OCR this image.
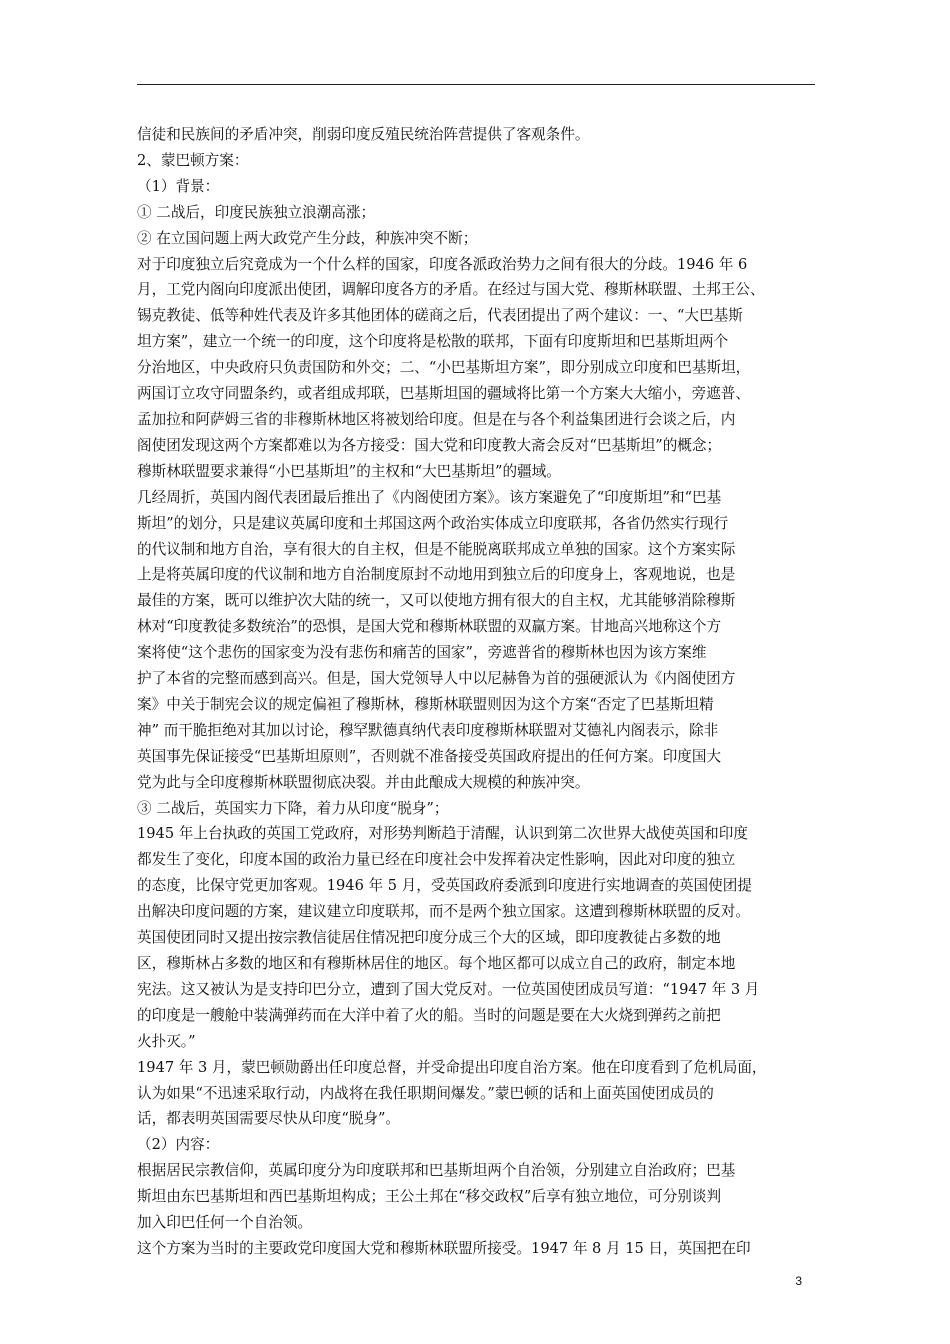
信徒和民族间的矛盾冲突，削弱印度反殖民统治阵营提供了客观条件。

2、蒙巴顿方案：

（1）背景：

① 二战后，印度民族独立浪潮高涨；

② 在立国问题上两大政党产生分歧，种族冲突不断；

对于印度独立后究竟成为一个什么样的国家，印度各派政治势力之间有很大的分歧。1946 年 6

月，工党内阁向印度派出使团，调解印度各方的矛盾。在经过与国大党、穆斯林联盟、土邦王公、

锡克教徒、低等种姓代表及许多其他团体的磋商之后，代表团提出了两个建议：一、“大巴基斯

坦方案”，建立一个统一的印度，这个印度将是松散的联邦，下面有印度斯坦和巴基斯坦两个

分治地区，中央政府只负责国防和外交；二、“小巴基斯坦方案”，即分别成立印度和巴基斯坦，

两国订立攻守同盟条约，或者组成邦联，巴基斯坦国的疆域将比第一个方案大大缩小，旁遮普、

孟加拉和阿萨姆三省的非穆斯林地区将被划给印度。但是在与各个利益集团进行会谈之后，内

阁使团发现这两个方案都难以为各方接受：国大党和印度教大斋会反对“巴基斯坦”的概念；

穆斯林联盟要求兼得“小巴基斯坦”的主权和“大巴基斯坦”的疆域。

几经周折，英国内阁代表团最后推出了《内阁使团方案》。该方案避免了“印度斯坦”和“巴基

斯坦”的划分，只是建议英属印度和土邦国这两个政治实体成立印度联邦，各省仍然实行现行

的代议制和地方自治，享有很大的自主权，但是不能脱离联邦成立单独的国家。这个方案实际

上是将英属印度的代议制和地方自治制度原封不动地用到独立后的印度身上，客观地说，也是

最佳的方案，既可以维护次大陆的统一，又可以使地方拥有很大的自主权，尤其能够消除穆斯

林对“印度教徒多数统治”的恐惧，是国大党和穆斯林联盟的双赢方案。甘地高兴地称这个方

案将使“这个悲伤的国家变为没有悲伤和痛苦的国家”，旁遮普省的穆斯林也因为该方案维

护了本省的完整而感到高兴。但是，国大党领导人中以尼赫鲁为首的强硬派认为《内阁使团方

案》中关于制宪会议的规定偏袒了穆斯林，穆斯林联盟则因为这个方案“否定了巴基斯坦精

神” 而干脆拒绝对其加以讨论，穆罕默德真纳代表印度穆斯林联盟对艾德礼内阁表示，除非

英国事先保证接受“巴基斯坦原则”，否则就不准备接受英国政府提出的任何方案。印度国大

党为此与全印度穆斯林联盟彻底决裂。并由此酿成大规模的种族冲突。

③ 二战后，英国实力下降，着力从印度“脱身”；

1945 年上台执政的英国工党政府，对形势判断趋于清醒，认识到第二次世界大战使英国和印度

都发生了变化，印度本国的政治力量已经在印度社会中发挥着决定性影响，因此对印度的独立

的态度，比保守党更加客观。1946 年 5 月，受英国政府委派到印度进行实地调查的英国使团提

出解决印度问题的方案，建议建立印度联邦，而不是两个独立国家。这遭到穆斯林联盟的反对。

英国使团同时又提出按宗教信徒居住情况把印度分成三个大的区域，即印度教徒占多数的地

区，穆斯林占多数的地区和有穆斯林居住的地区。每个地区都可以成立自己的政府，制定本地

宪法。这又被认为是支持印巴分立，遭到了国大党反对。一位英国使团成员写道：“1947 年 3 月

的印度是一艘舱中装满弹药而在大洋中着了火的船。当时的问题是要在大火烧到弹药之前把

火扑灭。”

1947 年 3 月，蒙巴顿勋爵出任印度总督，并受命提出印度自治方案。他在印度看到了危机局面，

认为如果“不迅速采取行动，内战将在我任职期间爆发。”蒙巴顿的话和上面英国使团成员的

话，都表明英国需要尽快从印度“脱身”。

（2）内容：

根据居民宗教信仰，英属印度分为印度联邦和巴基斯坦两个自治领，分别建立自治政府；巴基

斯坦由东巴基斯坦和西巴基斯坦构成；王公土邦在“移交政权”后享有独立地位，可分别谈判

加入印巴任何一个自治领。

这个方案为当时的主要政党印度国大党和穆斯林联盟所接受。1947 年 8 月 15 日，英国把在印

3
